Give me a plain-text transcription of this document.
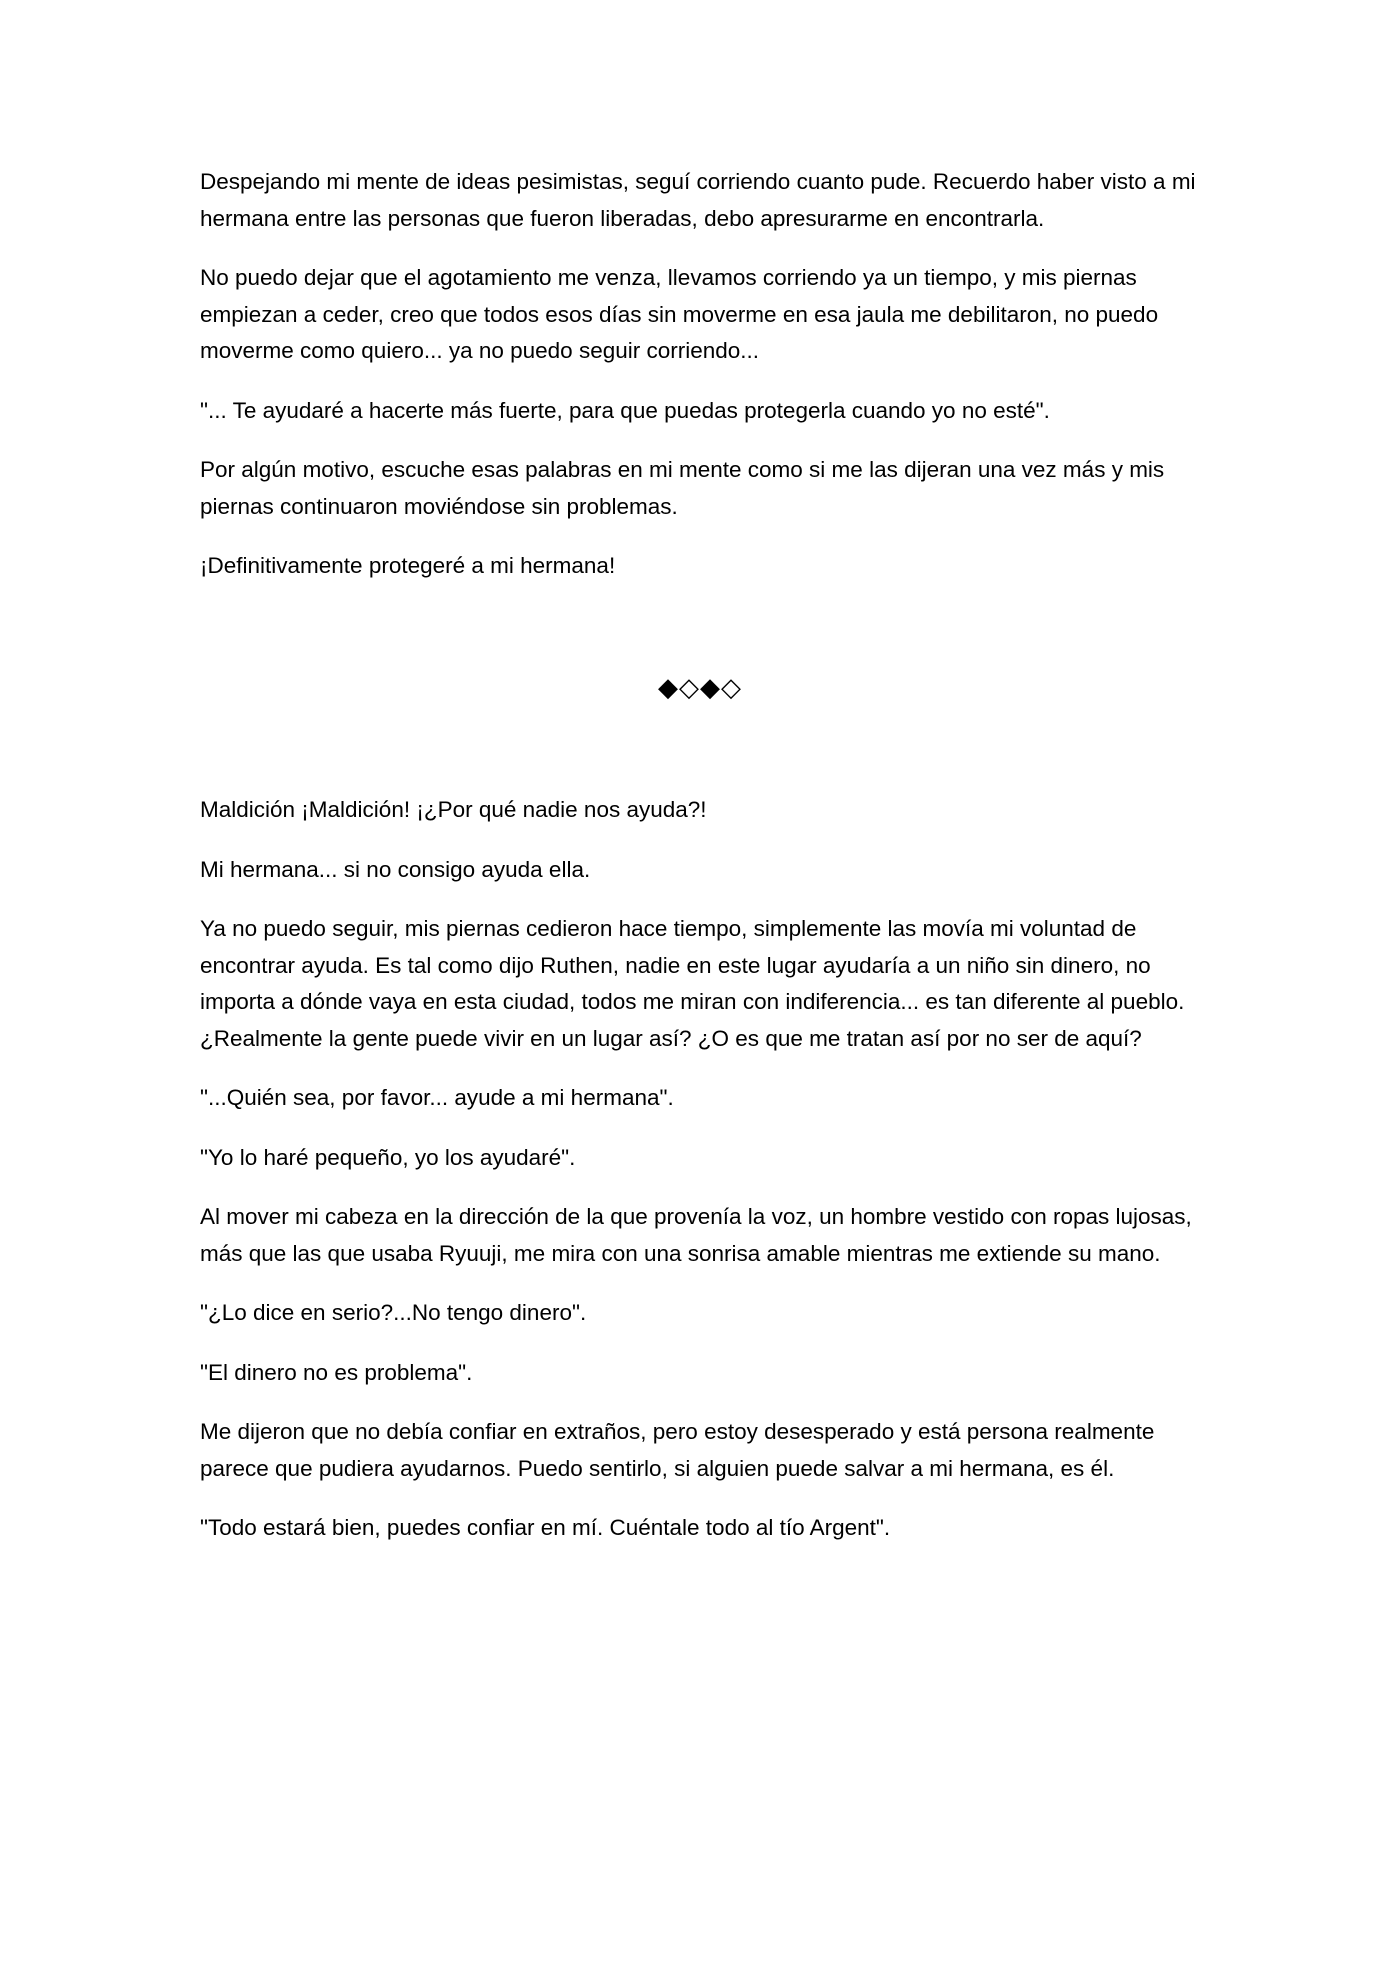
Despejando mi mente de ideas pesimistas, seguí corriendo cuanto pude. Recuerdo haber visto a mi hermana entre las personas que fueron liberadas, debo apresurarme en encontrarla.

No puedo dejar que el agotamiento me venza, llevamos corriendo ya un tiempo, y mis piernas empiezan a ceder, creo que todos esos días sin moverme en esa jaula me debilitaron, no puedo moverme como quiero... ya no puedo seguir corriendo...

"... Te ayudaré a hacerte más fuerte, para que puedas protegerla cuando yo no esté".

Por algún motivo, escuche esas palabras en mi mente como si me las dijeran una vez más y mis piernas continuaron moviéndose sin problemas.

¡Definitivamente protegeré a mi hermana!

◆◇◆◇

Maldición ¡Maldición! ¡¿Por qué nadie nos ayuda?!

Mi hermana... si no consigo ayuda ella.

Ya no puedo seguir, mis piernas cedieron hace tiempo, simplemente las movía mi voluntad de encontrar ayuda. Es tal como dijo Ruthen, nadie en este lugar ayudaría a un niño sin dinero, no importa a dónde vaya en esta ciudad, todos me miran con indiferencia... es tan diferente al pueblo. ¿Realmente la gente puede vivir en un lugar así? ¿O es que me tratan así por no ser de aquí?

"...Quién sea, por favor... ayude a mi hermana".

"Yo lo haré pequeño, yo los ayudaré".

Al mover mi cabeza en la dirección de la que provenía la voz, un hombre vestido con ropas lujosas, más que las que usaba Ryuuji, me mira con una sonrisa amable mientras me extiende su mano.

"¿Lo dice en serio?...No tengo dinero".

"El dinero no es problema".

Me dijeron que no debía confiar en extraños, pero estoy desesperado y está persona realmente parece que pudiera ayudarnos. Puedo sentirlo, si alguien puede salvar a mi hermana, es él.

"Todo estará bien, puedes confiar en mí. Cuéntale todo al tío Argent".
